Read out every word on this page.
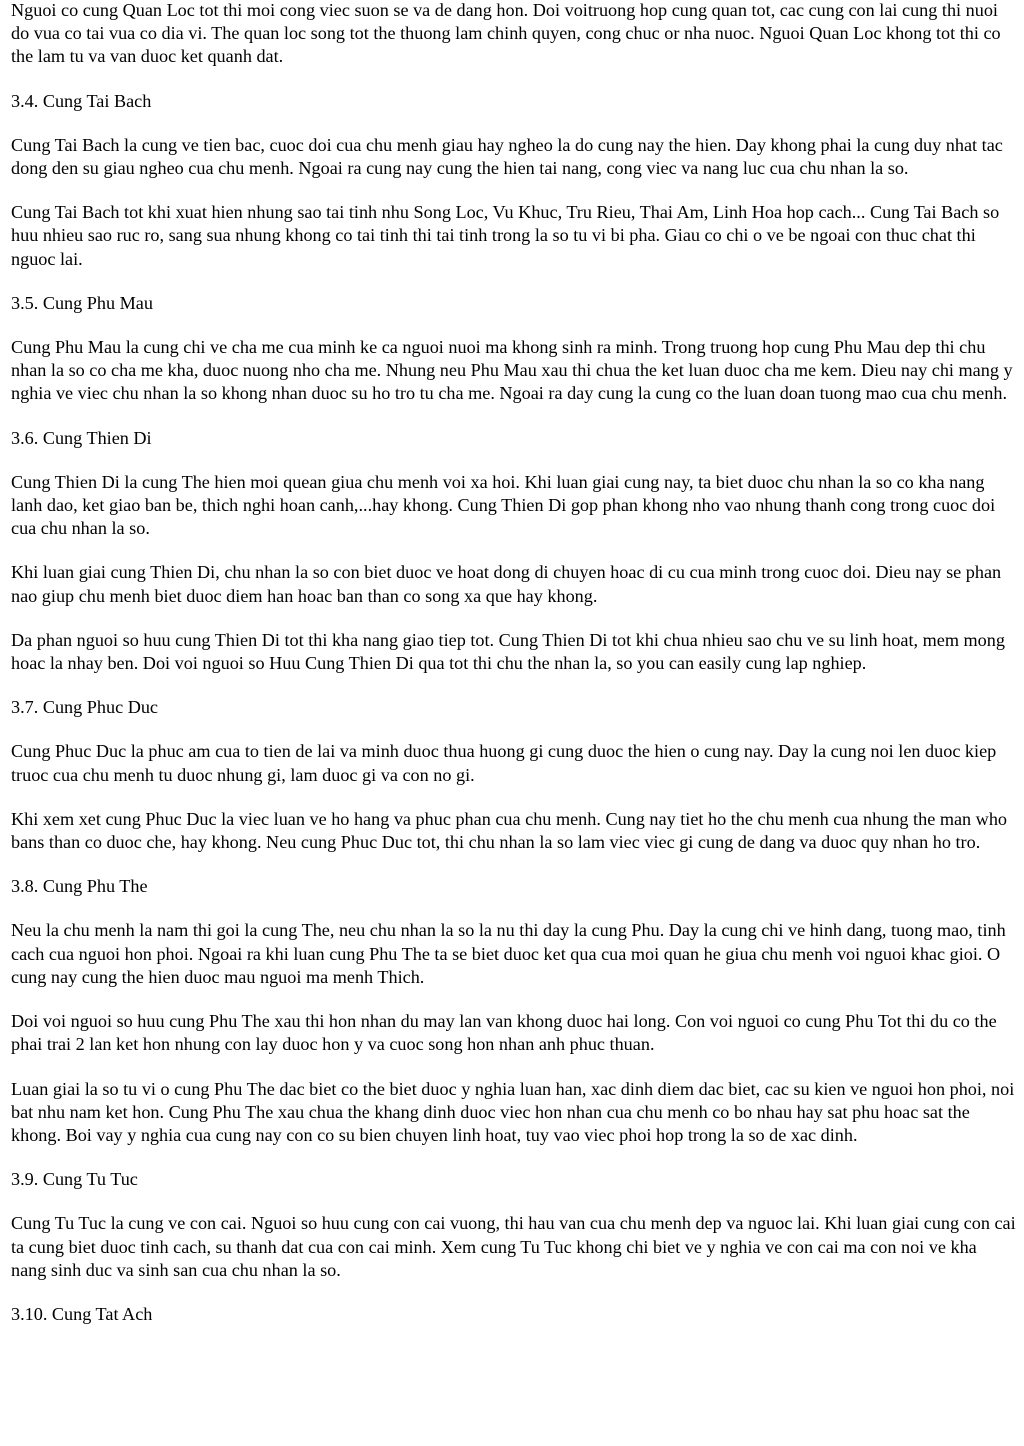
Nguoi co cung Quan Loc tot thi moi cong viec suon se va de dang hon. Doi voitruong hop cung quan tot, cac cung con lai cung thi nuoi do vua co tai vua co dia vi. The quan loc song tot the thuong lam chinh quyen, cong chuc or nha nuoc. Nguoi Quan Loc khong tot thi co the lam tu va van duoc ket quanh dat.

3.4. Cung Tai Bach

Cung Tai Bach la cung ve tien bac, cuoc doi cua chu menh giau hay ngheo la do cung nay the hien. Day khong phai la cung duy nhat tac dong den su giau ngheo cua chu menh. Ngoai ra cung nay cung the hien tai nang, cong viec va nang luc cua chu nhan la so.

Cung Tai Bach tot khi xuat hien nhung sao tai tinh nhu Song Loc, Vu Khuc, Tru Rieu, Thai Am, Linh Hoa hop cach... Cung Tai Bach so huu nhieu sao ruc ro, sang sua nhung khong co tai tinh thi tai tinh trong la so tu vi bi pha. Giau co chi o ve be ngoai con thuc chat thi nguoc lai.

3.5. Cung Phu Mau

Cung Phu Mau la cung chi ve cha me cua minh ke ca nguoi nuoi ma khong sinh ra minh. Trong truong hop cung Phu Mau dep thi chu nhan la so co cha me kha, duoc nuong nho cha me. Nhung neu Phu Mau xau thi chua the ket luan duoc cha me kem. Dieu nay chi mang y nghia ve viec chu nhan la so khong nhan duoc su ho tro tu cha me. Ngoai ra day cung la cung co the luan doan tuong mao cua chu menh.

3.6. Cung Thien Di

Cung Thien Di la cung The hien moi quean giua chu menh voi xa hoi. Khi luan giai cung nay, ta biet duoc chu nhan la so co kha nang lanh dao, ket giao ban be, thich nghi hoan canh,...hay khong. Cung Thien Di gop phan khong nho vao nhung thanh cong trong cuoc doi cua chu nhan la so.

Khi luan giai cung Thien Di, chu nhan la so con biet duoc ve hoat dong di chuyen hoac di cu cua minh trong cuoc doi. Dieu nay se phan nao giup chu menh biet duoc diem han hoac ban than co song xa que hay khong.

Da phan nguoi so huu cung Thien Di tot thi kha nang giao tiep tot. Cung Thien Di tot khi chua nhieu sao chu ve su linh hoat, mem mong hoac la nhay ben. Doi voi nguoi so Huu Cung Thien Di qua tot thi chu the nhan la, so you can easily cung lap nghiep.

3.7. Cung Phuc Duc

Cung Phuc Duc la phuc am cua to tien de lai va minh duoc thua huong gi cung duoc the hien o cung nay. Day la cung noi len duoc kiep truoc cua chu menh tu duoc nhung gi, lam duoc gi va con no gi.

Khi xem xet cung Phuc Duc la viec luan ve ho hang va phuc phan cua chu menh. Cung nay tiet ho the chu menh cua nhung the man who bans than co duoc che, hay khong. Neu cung Phuc Duc tot, thi chu nhan la so lam viec viec gi cung de dang va duoc quy nhan ho tro.

3.8. Cung Phu The

Neu la chu menh la nam thi goi la cung The, neu chu nhan la so la nu thi day la cung Phu. Day la cung chi ve hinh dang, tuong mao, tinh cach cua nguoi hon phoi. Ngoai ra khi luan cung Phu The ta se biet duoc ket qua cua moi quan he giua chu menh voi nguoi khac gioi. O cung nay cung the hien duoc mau nguoi ma menh Thich.

Doi voi nguoi so huu cung Phu The xau thi hon nhan du may lan van khong duoc hai long. Con voi nguoi co cung Phu Tot thi du co the phai trai 2 lan ket hon nhung con lay duoc hon y va cuoc song hon nhan anh phuc thuan.

Luan giai la so tu vi o cung Phu The dac biet co the biet duoc y nghia luan han, xac dinh diem dac biet, cac su kien ve nguoi hon phoi, noi bat nhu nam ket hon. Cung Phu The xau chua the khang dinh duoc viec hon nhan cua chu menh co bo nhau hay sat phu hoac sat the khong. Boi vay y nghia cua cung nay con co su bien chuyen linh hoat, tuy vao viec phoi hop trong la so de xac dinh.

3.9. Cung Tu Tuc

Cung Tu Tuc la cung ve con cai. Nguoi so huu cung con cai vuong, thi hau van cua chu menh dep va nguoc lai. Khi luan giai cung con cai ta cung biet duoc tinh cach, su thanh dat cua con cai minh. Xem cung Tu Tuc khong chi biet ve y nghia ve con cai ma con noi ve kha nang sinh duc va sinh san cua chu nhan la so.

3.10. Cung Tat Ach
